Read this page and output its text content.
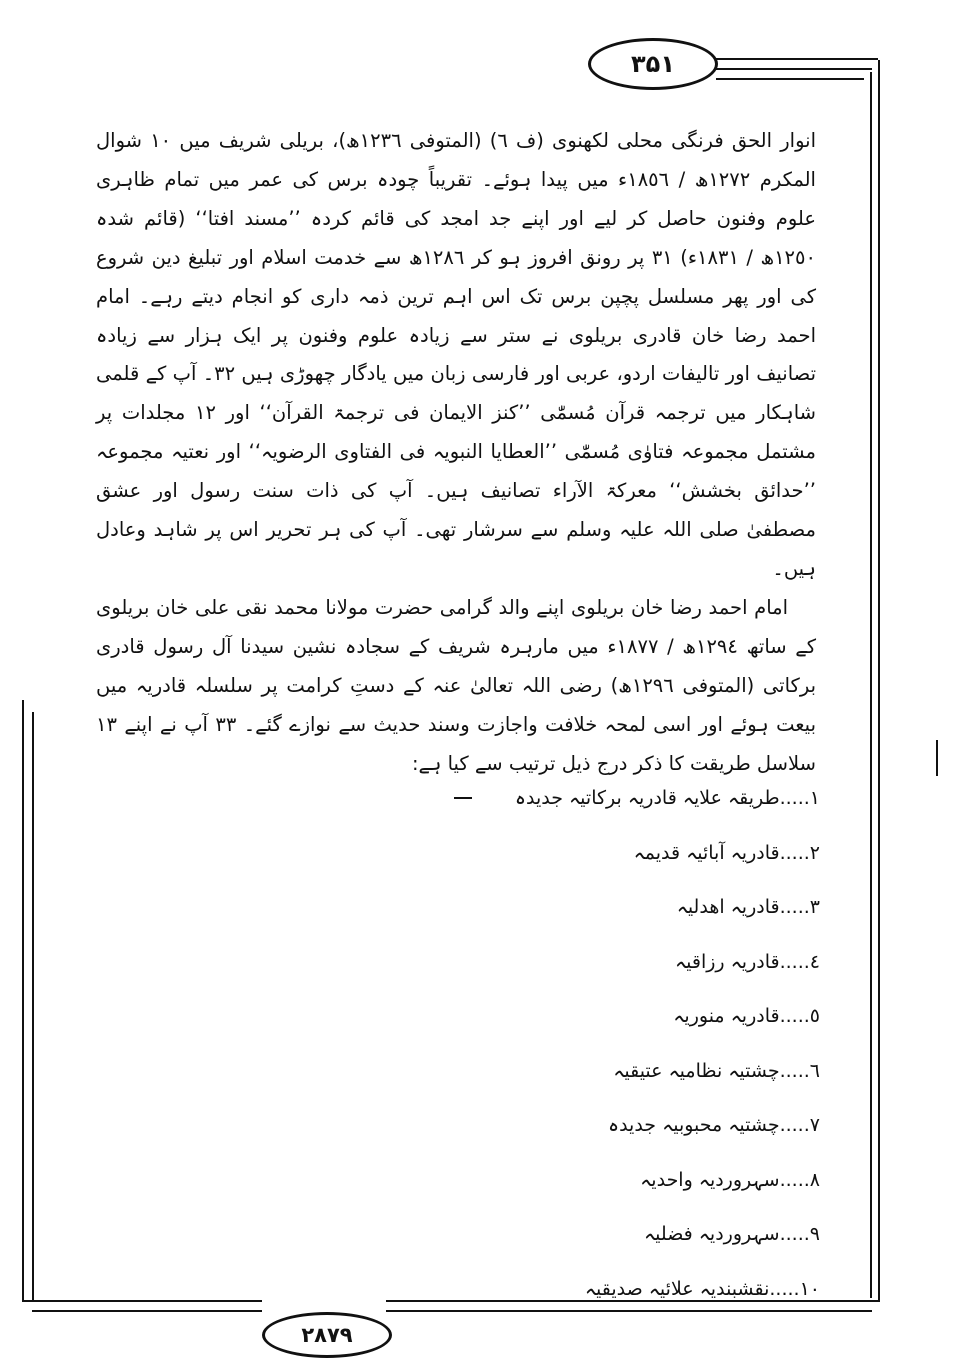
۳۵۱

انوار الحق فرنگی محلی لکھنوی (ف ٦) (المتوفی ١٢٣٦ھ)، بریلی شریف میں ١٠ شوال المکرم ١٢٧٢ھ / ١٨٥٦ء میں پیدا ہوئے۔ تقریباً چودہ برس کی عمر میں تمام ظاہری علوم وفنون حاصل کر لیے اور اپنے جد امجد کی قائم کردہ ’’مسند افتا‘‘ (قائم شدہ ١٢٥٠ھ / ١٨٣١ء) ٣١ پر رونق افروز ہو کر ١٢٨٦ھ سے خدمت اسلام اور تبلیغ دین شروع کی اور پھر مسلسل پچپن برس تک اس اہم ترین ذمہ داری کو انجام دیتے رہے۔ امام احمد رضا خان قادری بریلوی نے ستر سے زیادہ علوم وفنون پر ایک ہزار سے زیادہ تصانیف اور تالیفات اردو، عربی اور فارسی زبان میں یادگار چھوڑی ہیں ٣٢۔ آپ کے قلمی شاہکار میں ترجمہ قرآن مُسمّٰی ’’کنز الایمان فی ترجمۃ القرآن‘‘ اور ١٢ مجلدات پر مشتمل مجموعہ فتاوٰی مُسمّٰی ’’العطایا النبویہ فی الفتاوی الرضویہ‘‘ اور نعتیہ مجموعہ ’’حدائق بخشش‘‘ معرکۃ الآراء تصانیف ہیں۔ آپ کی ذات سنت رسول اور عشق مصطفیٰ صلی اللہ علیہ وسلم سے سرشار تھی۔ آپ کی ہر تحریر اس پر شاہد وعادل ہیں۔

امام احمد رضا خان بریلوی اپنے والد گرامی حضرت مولانا محمد نقی علی خان بریلوی کے ساتھ ١٢٩٤ھ / ١٨٧٧ء میں مارہرہ شریف کے سجادہ نشین سیدنا آل رسول قادری برکاتی (المتوفی ١٢٩٦ھ) رضی اللہ تعالیٰ عنہ کے دستِ کرامت پر سلسلہ قادریہ میں بیعت ہوئے اور اسی لمحہ خلافت واجازت وسند حدیث سے نوازے گئے۔ ٣٣ آپ نے اپنے ١٣ سلاسل طریقت کا ذکر درج ذیل ترتیب سے کیا ہے:

١.....طریقہ علایہ قادریہ برکاتیہ جدیدہ
٢.....قادریہ آبائیہ قدیمہ
٣.....قادریہ اھدلیہ
٤.....قادریہ رزاقیہ
٥.....قادریہ منوریہ
٦.....چشتیہ نظامیہ عتیقیہ
٧.....چشتیہ محبوبیہ جدیدہ
٨.....سہروردیہ واحدیہ
٩.....سہروردیہ فضلیہ
١٠.....نقشبندیہ علائیہ صدیقیہ
۲۸۷۹
